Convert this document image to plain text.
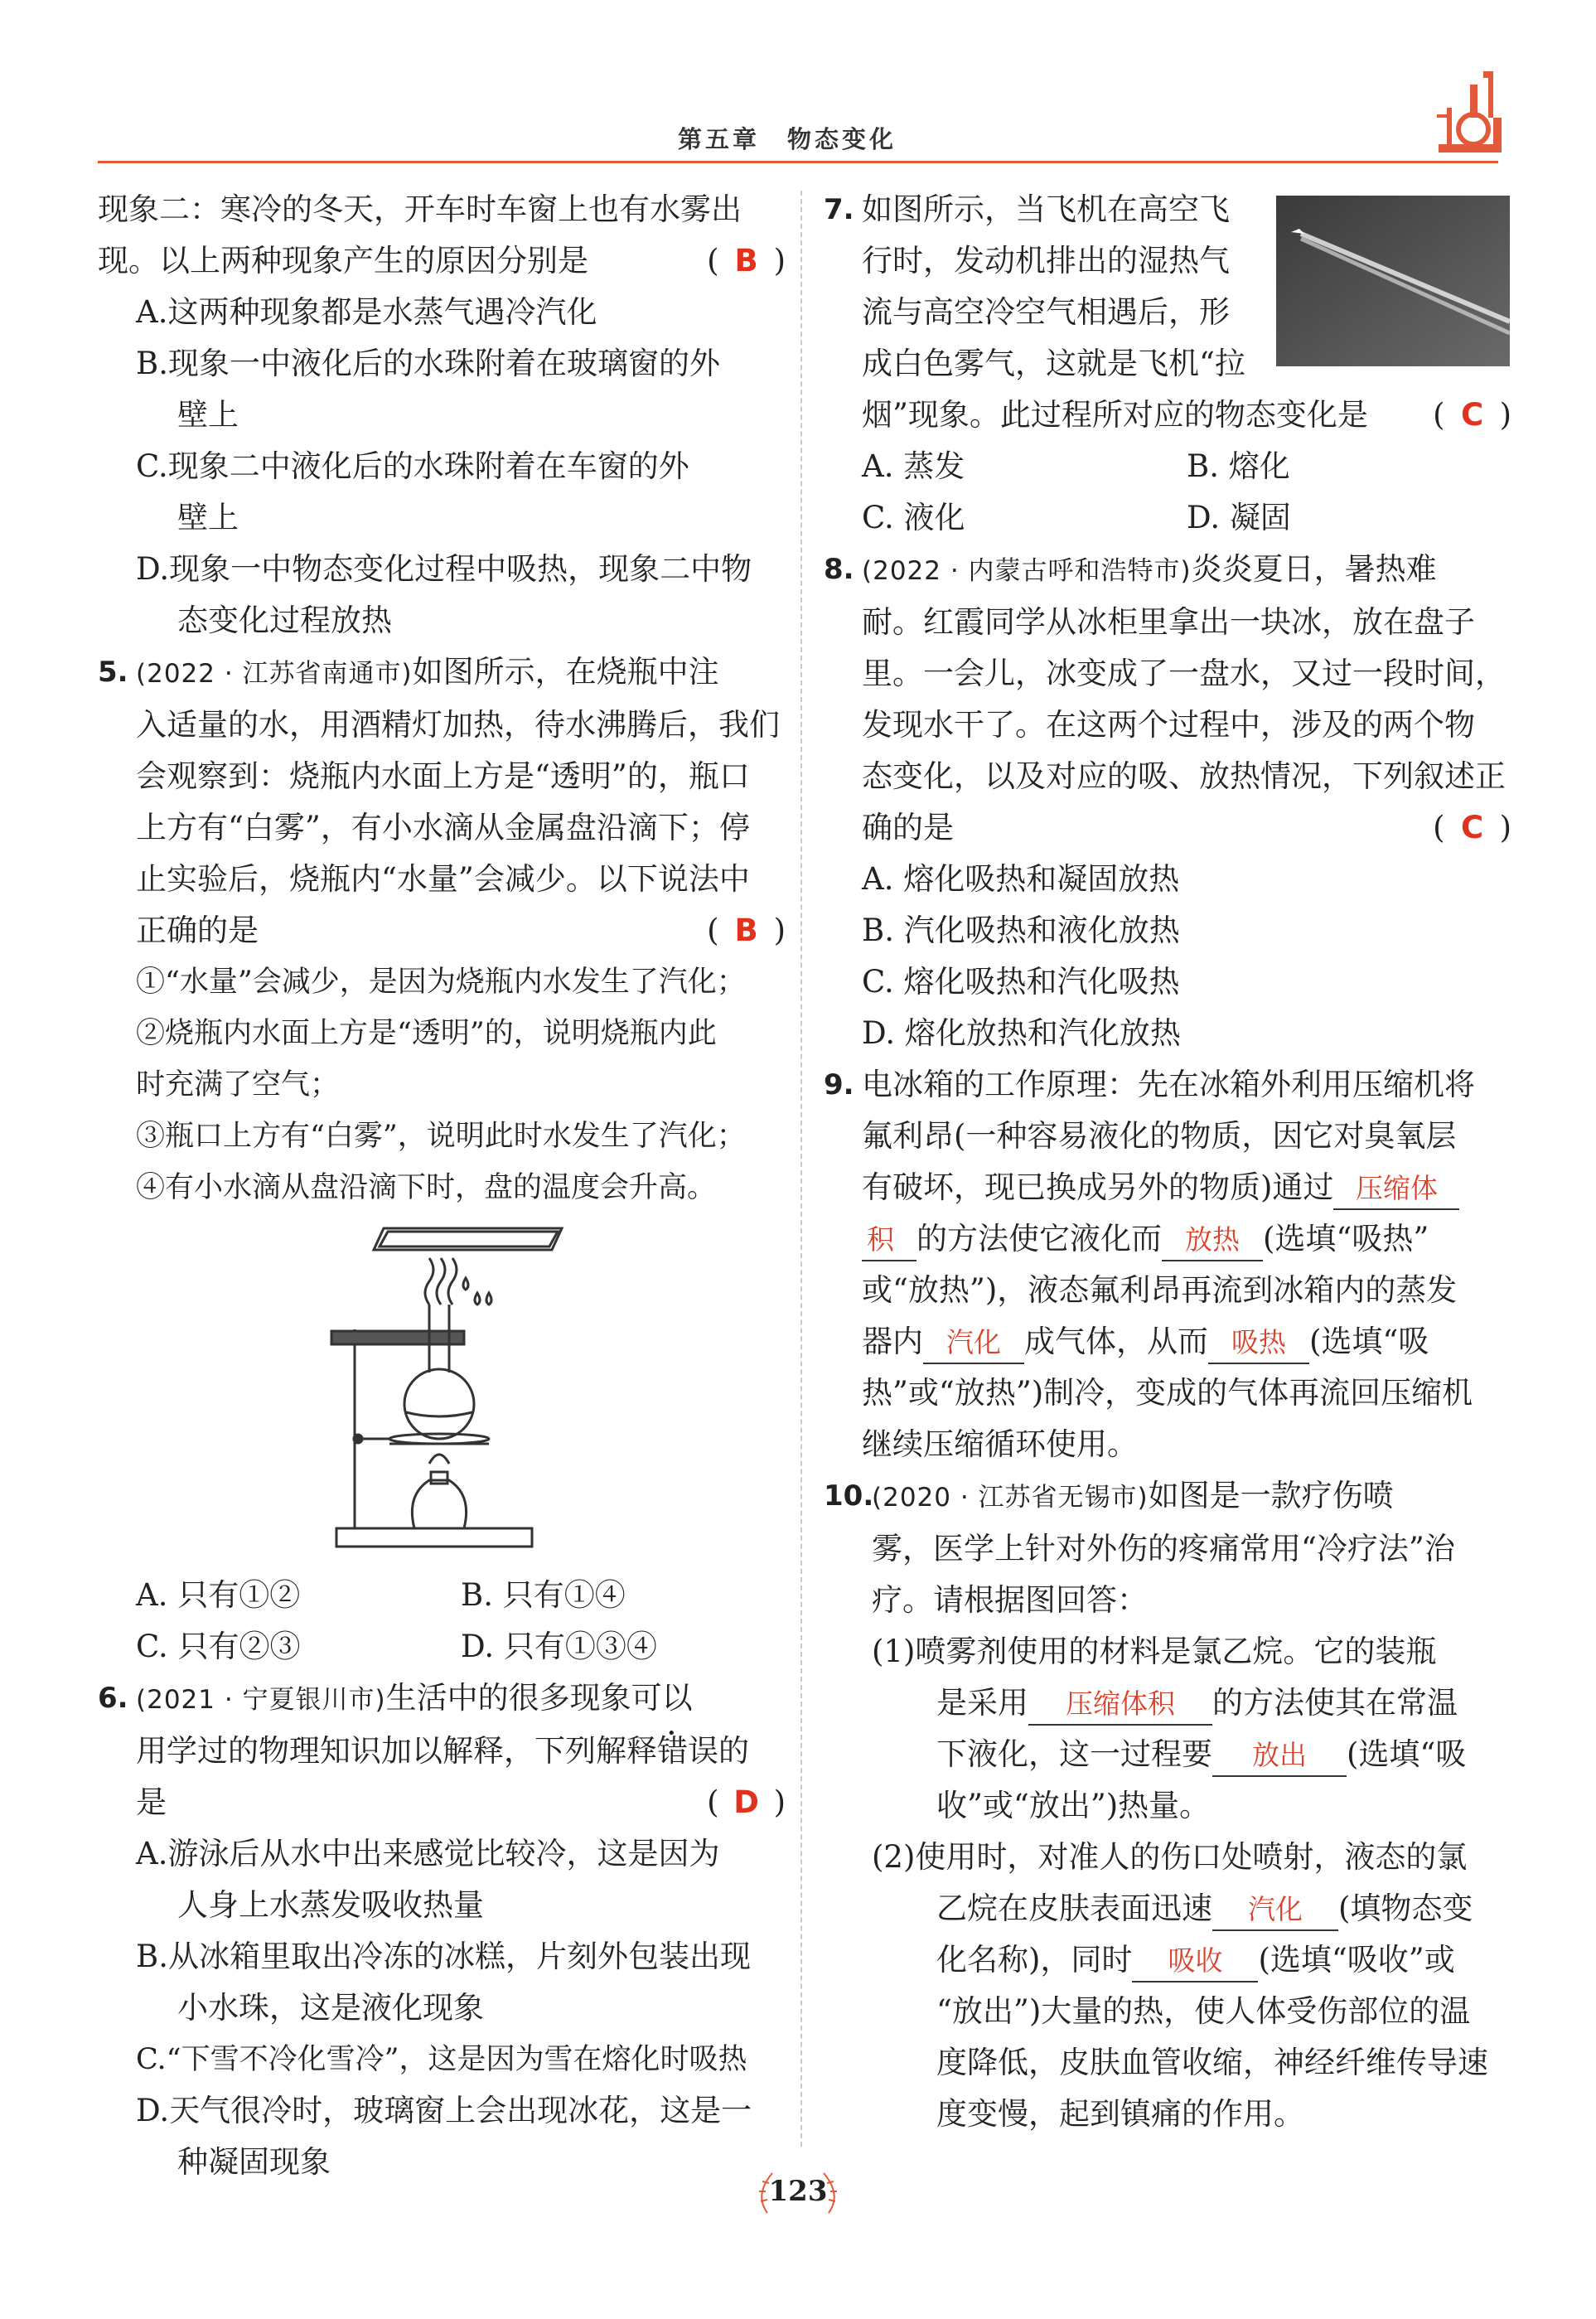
第五章　物态变化

现象二：寒冷的冬天，开车时车窗上也有水雾出

现。以上两种现象产生的原因分别是	( B )

A.这两种现象都是水蒸气遇冷汽化

B.现象一中液化后的水珠附着在玻璃窗的外
壁上

C.现象二中液化后的水珠附着在车窗的外
壁上

D.现象一中物态变化过程中吸热，现象二中物
态变化过程放热

5. (2022 · 江苏省南通市)如图所示，在烧瓶中注
入适量的水，用酒精灯加热，待水沸腾后，我们
会观察到：烧瓶内水面上方是“透明”的，瓶口
上方有“白雾”，有小水滴从金属盘沿滴下；停
止实验后，烧瓶内“水量”会减少。以下说法中
正确的是	( B )
①“水量”会减少，是因为烧瓶内水发生了汽化；
②烧瓶内水面上方是“透明”的，说明烧瓶内此
时充满了空气；
③瓶口上方有“白雾”，说明此时水发生了汽化；
④有小水滴从盘沿滴下时，盘的温度会升高。
A. 只有①②	B. 只有①④
C. 只有②③	D. 只有①③④
6. (2021 · 宁夏银川市)生活中的很多现象可以
用学过的物理知识加以解释，下列解释错误的
是	( D )

A.游泳后从水中出来感觉比较冷，这是因为
人身上水蒸发吸收热量

B.从冰箱里取出冷冻的冰糕，片刻外包装出现
小水珠，这是液化现象

C.“下雪不冷化雪冷”，这是因为雪在熔化时吸热

D.天气很冷时，玻璃窗上会出现冰花，这是一
种凝固现象

7. 如图所示，当飞机在高空飞
行时，发动机排出的湿热气
流与高空冷空气相遇后，形
成白色雾气，这就是飞机“拉
烟”现象。此过程所对应的物态变化是 ( C )
A. 蒸发	B. 熔化
C. 液化	D. 凝固
8. (2022 · 内蒙古呼和浩特市)炎炎夏日，暑热难
耐。红霞同学从冰柜里拿出一块冰，放在盘子
里。一会儿，冰变成了一盘水，又过一段时间，
发现水干了。在这两个过程中，涉及的两个物
态变化，以及对应的吸、放热情况，下列叙述正
确的是	( C )

A. 熔化吸热和凝固放热

B. 汽化吸热和液化放热

C. 熔化吸热和汽化吸热

D. 熔化放热和汽化放热

9. 电冰箱的工作原理：先在冰箱外利用压缩机将
氟利昂(一种容易液化的物质，因它对臭氧层
有破坏，现已换成另外的物质)通过 压缩体
积 的方法使它液化而 放热 (选填“吸热”
或“放热”)，液态氟利昂再流到冰箱内的蒸发
器内 汽化 成气体，从而 吸热 (选填“吸
热”或“放热”)制冷，变成的气体再流回压缩机
继续压缩循环使用。
10.
(2020 · 江苏省无锡市)如图是一款疗伤喷
雾，医学上针对外伤的疼痛常用“冷疗法”治
疗。请根据图回答：
(1)喷雾剂使用的材料是氯乙烷。它的装瓶
是采用 压缩体积 的方法使其在常温
下液化，这一过程要 放出 (选填“吸
收”或“放出”)热量。
(2)使用时，对准人的伤口处喷射，液态的氯
乙烷在皮肤表面迅速 汽化 (填物态变
化名称)，同时 吸收 (选填“吸收”或
“放出”)大量的热，使人体受伤部位的温
度降低，皮肤血管收缩，神经纤维传导速
度变慢，起到镇痛的作用。
123
